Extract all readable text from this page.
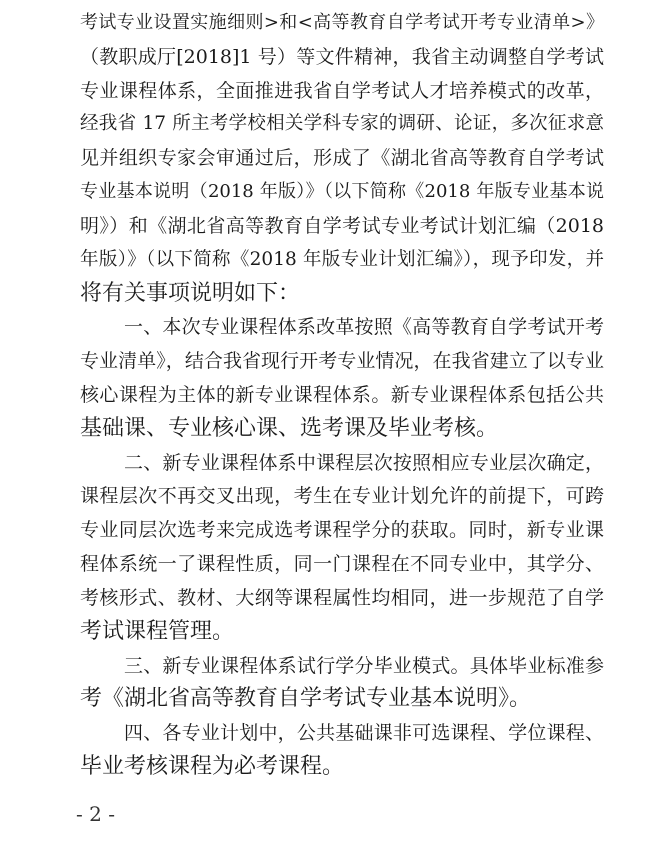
考试专业设置实施细则>和<高等教育自学考试开考专业清单>》
（教职成厅[2018]1 号）等文件精神，我省主动调整自学考试
专业课程体系，全面推进我省自学考试人才培养模式的改革，
经我省 17 所主考学校相关学科专家的调研、论证，多次征求意
见并组织专家会审通过后，形成了《湖北省高等教育自学考试
专业基本说明（2018 年版）》（以下简称《2018 年版专业基本说
明》）和《湖北省高等教育自学考试专业考试计划汇编（2018
年版）》（以下简称《2018 年版专业计划汇编》），现予印发，并
将有关事项说明如下：
一、本次专业课程体系改革按照《高等教育自学考试开考
专业清单》，结合我省现行开考专业情况，在我省建立了以专业
核心课程为主体的新专业课程体系。新专业课程体系包括公共
基础课、专业核心课、选考课及毕业考核。
二、新专业课程体系中课程层次按照相应专业层次确定，
课程层次不再交叉出现，考生在专业计划允许的前提下，可跨
专业同层次选考来完成选考课程学分的获取。同时，新专业课
程体系统一了课程性质，同一门课程在不同专业中，其学分、
考核形式、教材、大纲等课程属性均相同，进一步规范了自学
考试课程管理。
三、新专业课程体系试行学分毕业模式。具体毕业标准参
考《湖北省高等教育自学考试专业基本说明》。
四、各专业计划中，公共基础课非可选课程、学位课程、
毕业考核课程为必考课程。
- 2 -
